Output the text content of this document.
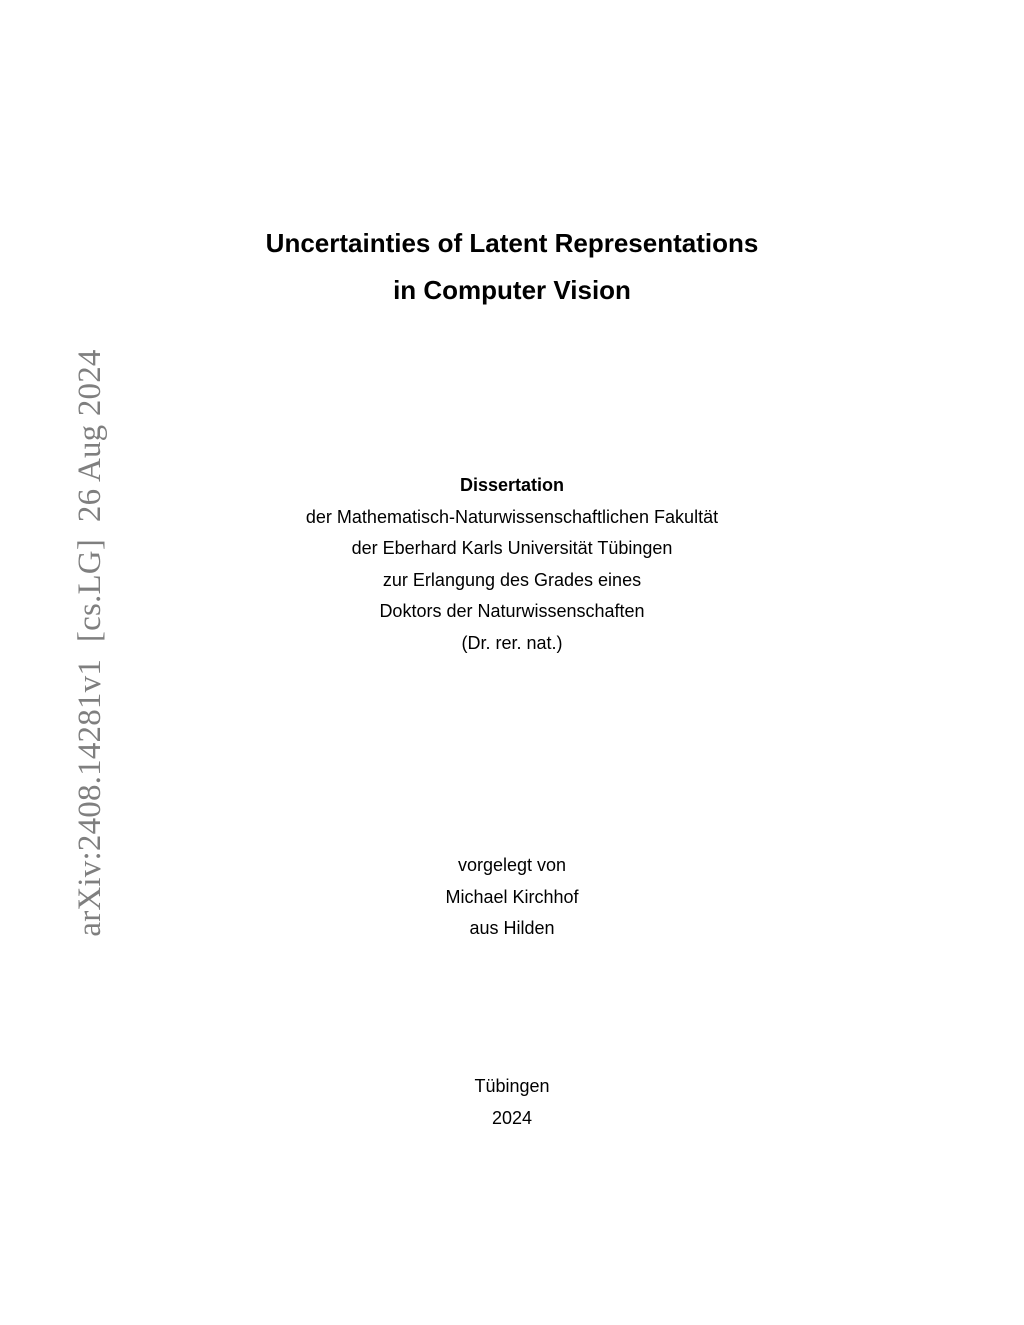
arXiv:2408.14281v1  [cs.LG]  26 Aug 2024
Uncertainties of Latent Representations
in Computer Vision
Dissertation
der Mathematisch-Naturwissenschaftlichen Fakultät
der Eberhard Karls Universität Tübingen
zur Erlangung des Grades eines
Doktors der Naturwissenschaften
(Dr. rer. nat.)
vorgelegt von
Michael Kirchhof
aus Hilden
Tübingen
2024
